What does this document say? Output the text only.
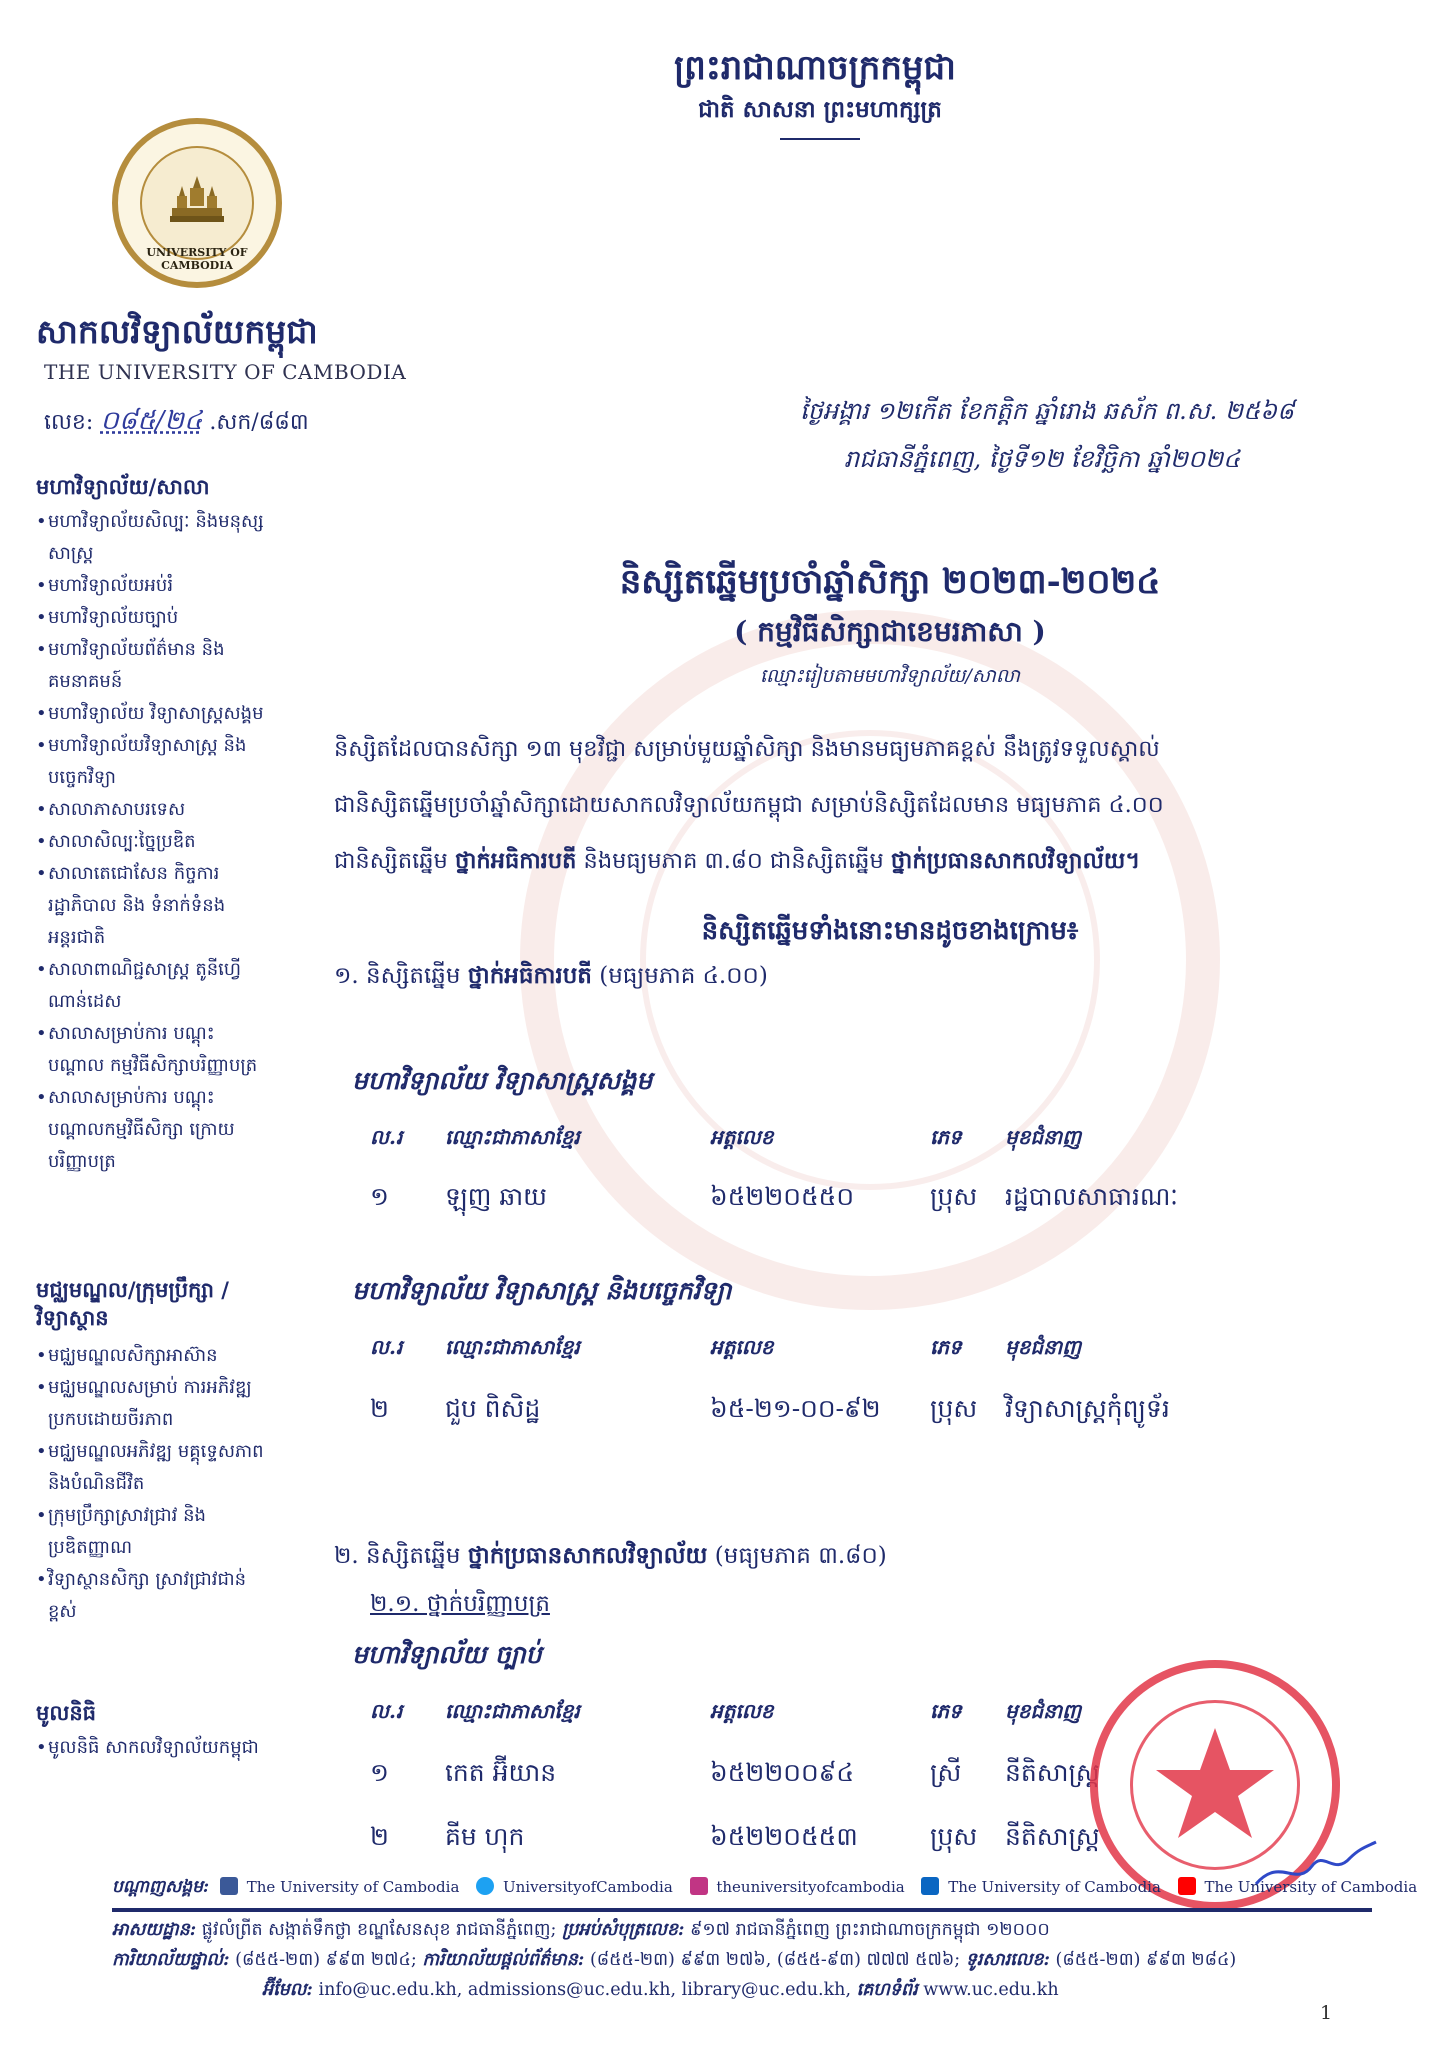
ព្រះរាជាណាចក្រកម្ពុជា
ជាតិ សាសនា ព្រះមហាក្សត្រ
UNIVERSITY OF CAMBODIA
សាកលវិទ្យាល័យកម្ពុជា
THE UNIVERSITY OF CAMBODIA
លេខ: ០៨៥/២៤ .សក/៨៨៣	ថ្ងៃអង្គារ ១២កើត ខែកត្តិក ឆ្នាំរោង ឆស័ក ព.ស. ២៥៦៨
រាជធានីភ្នំពេញ, ថ្ងៃទី១២ ខែវិច្ឆិកា ឆ្នាំ២០២៤
មហាវិទ្យាល័យ/សាលា
• មហាវិទ្យាល័យសិល្បៈ និងមនុស្សសាស្ត្រ
• មហាវិទ្យាល័យអប់រំ
• មហាវិទ្យាល័យច្បាប់
• មហាវិទ្យាល័យព័ត៌មាន និងគមនាគមន៍
• មហាវិទ្យាល័យ វិទ្យាសាស្ត្រសង្គម
• មហាវិទ្យាល័យវិទ្យាសាស្ត្រ និងបច្ចេកវិទ្យា
• សាលាភាសាបរទេស
• សាលាសិល្បៈច្នៃប្រឌិត
• សាលាតេជោសែន កិច្ចការរដ្ឋាភិបាល និង ទំនាក់ទំនងអន្តរជាតិ
• សាលាពាណិជ្ជសាស្ត្រ តូនីហ្វើណាន់ដេស
• សាលាសម្រាប់ការ បណ្ដុះបណ្ដាល កម្មវិធីសិក្សាបរិញ្ញាបត្រ
• សាលាសម្រាប់ការ បណ្ដុះបណ្ដាលកម្មវិធីសិក្សា ក្រោយបរិញ្ញាបត្រ
មជ្ឈមណ្ឌល/ក្រុមប្រឹក្សា / វិទ្យាស្ថាន
• មជ្ឈមណ្ឌលសិក្សាអាស៊ាន
• មជ្ឈមណ្ឌលសម្រាប់ ការអភិវឌ្ឍ ប្រកបដោយចីរភាព
• មជ្ឈមណ្ឌលអភិវឌ្ឍ មគ្គុទ្ទេសភាព និងបំណិនជីវិត
• ក្រុមប្រឹក្សាស្រាវជ្រាវ និងប្រឌិតញ្ញាណ
• វិទ្យាស្ថានសិក្សា ស្រាវជ្រាវជាន់ខ្ពស់
មូលនិធិ
• មូលនិធិ សាកលវិទ្យាល័យកម្ពុជា
និស្សិតឆ្នើមប្រចាំឆ្នាំសិក្សា ២០២៣-២០២៤
( កម្មវិធីសិក្សាជាខេមរភាសា )
ឈ្មោះរៀបតាមមហាវិទ្យាល័យ/សាលា
និស្សិតដែលបានសិក្សា ១៣ មុខវិជ្ជា សម្រាប់មួយឆ្នាំសិក្សា និងមានមធ្យមភាគខ្ពស់ នឹងត្រូវទទួលស្គាល់
ជានិស្សិតឆ្នើមប្រចាំឆ្នាំសិក្សាដោយសាកលវិទ្យាល័យកម្ពុជា សម្រាប់និស្សិតដែលមាន មធ្យមភាគ ៤.០០
ជានិស្សិតឆ្នើម ថ្នាក់អធិការបតី និងមធ្យមភាគ ៣.៨០ ជានិស្សិតឆ្នើម ថ្នាក់ប្រធានសាកលវិទ្យាល័យ។
និស្សិតឆ្នើមទាំងនោះមានដូចខាងក្រោម៖
១. និស្សិតឆ្នើម ថ្នាក់អធិការបតី (មធ្យមភាគ ៤.០០)
មហាវិទ្យាល័យ វិទ្យាសាស្ត្រសង្គម
ល.រ ឈ្មោះជាភាសាខ្មែរ	អត្តលេខ	ភេទ មុខជំនាញ
១ ឡុញ ឆាយ	៦៥២២០៥៥០	ប្រុស រដ្ឋបាលសាធារណៈ
មហាវិទ្យាល័យ វិទ្យាសាស្ត្រ និងបច្ចេកវិទ្យា
ល.រ ឈ្មោះជាភាសាខ្មែរ	អត្តលេខ	ភេទ មុខជំនាញ
២ ជួប ពិសិដ្ឋ	៦៥-២១-០០-៩២ ប្រុស វិទ្យាសាស្ត្រកុំព្យូទ័រ
២. និស្សិតឆ្នើម ថ្នាក់ប្រធានសាកលវិទ្យាល័យ (មធ្យមភាគ ៣.៨០)
២.១. ថ្នាក់បរិញ្ញាបត្រ
មហាវិទ្យាល័យ ច្បាប់
ល.រ ឈ្មោះជាភាសាខ្មែរ	អត្តលេខ	ភេទ មុខជំនាញ
១ កេត អ៊ីយាន	៦៥២២០០៩៤	ស្រី នីតិសាស្ត្រ
២ គីម ហុក	៦៥២២០៥៥៣	ប្រុស នីតិសាស្ត្រ
បណ្ដាញសង្គម:	The University of Cambodia	UniversityofCambodia	theuniversityofcambodia	The University of Cambodia	The University of Cambodia
អាសយដ្ឋាន: ផ្លូវលំព្រីត សង្កាត់ទឹកថ្លា ខណ្ឌសែនសុខ រាជធានីភ្នំពេញ; ប្រអប់សំបុត្រលេខ: ៩១៧ រាជធានីភ្នំពេញ ព្រះរាជាណាចក្រកម្ពុជា ១២០០០
ការិយាល័យផ្ទាល់: (៨៥៥-២៣) ៩៩៣ ២៧៤; ការិយាល័យផ្ដល់ព័ត៌មាន: (៨៥៥-២៣) ៩៩៣ ២៧៦, (៨៥៥-៩៣) ៧៧៧ ៥៧៦; ទូរសារលេខ: (៨៥៥-២៣) ៩៩៣ ២៨៤)
អ៊ីមែល: info@uc.edu.kh, admissions@uc.edu.kh, library@uc.edu.kh, គេហទំព័រ www.uc.edu.kh
1
